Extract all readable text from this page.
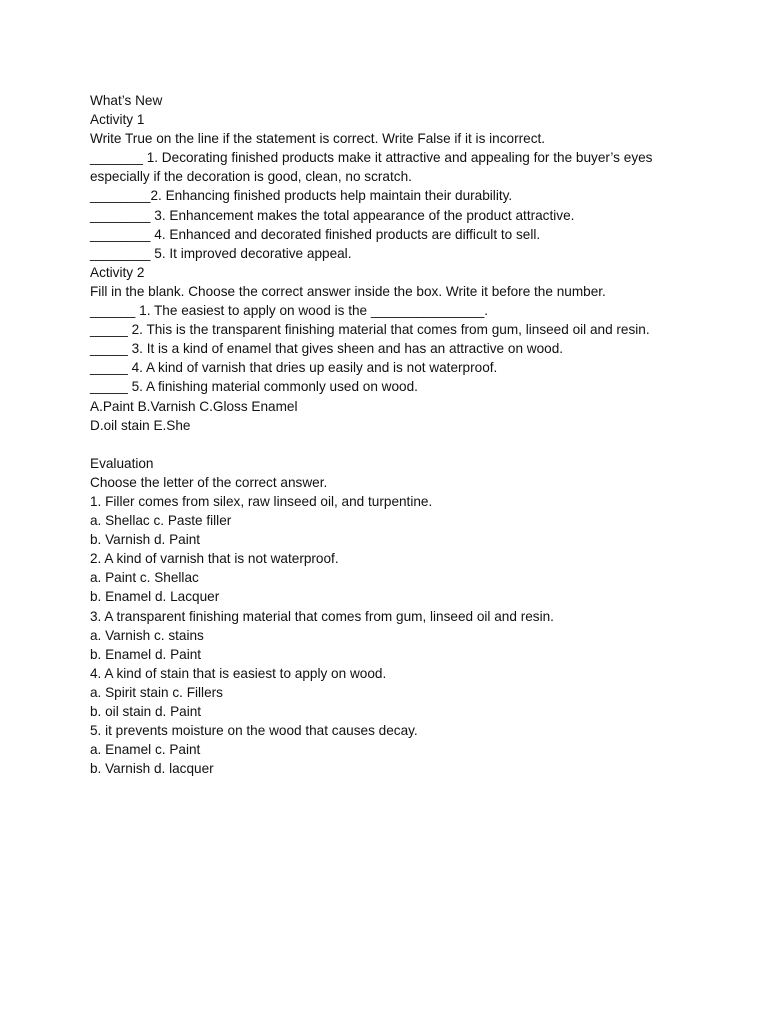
What’s New

Activity 1

Write True on the line if the statement is correct. Write False if it is incorrect.

_______ 1. Decorating finished products make it attractive and appealing for the buyer’s eyes

especially if the decoration is good, clean, no scratch.

________2. Enhancing finished products help maintain their durability.

________ 3. Enhancement makes the total appearance of the product attractive.

________ 4. Enhanced and decorated finished products are difficult to sell.

________ 5. It improved decorative appeal.

Activity 2

Fill in the blank. Choose the correct answer inside the box. Write it before the number.

______ 1. The easiest to apply on wood is the _______________.

_____ 2. This is the transparent finishing material that comes from gum, linseed oil and resin.

_____ 3. It is a kind of enamel that gives sheen and has an attractive on wood.

_____ 4. A kind of varnish that dries up easily and is not waterproof.

_____ 5. A finishing material commonly used on wood.

A.Paint B.Varnish C.Gloss Enamel

D.oil stain E.She

Evaluation

Choose the letter of the correct answer.

1. Filler comes from silex, raw linseed oil, and turpentine.

a. Shellac c. Paste filler

b. Varnish d. Paint

2. A kind of varnish that is not waterproof.

a. Paint c. Shellac

b. Enamel d. Lacquer

3. A transparent finishing material that comes from gum, linseed oil and resin.

a. Varnish c. stains

b. Enamel d. Paint

4. A kind of stain that is easiest to apply on wood.

a. Spirit stain c. Fillers

b. oil stain d. Paint

5. it prevents moisture on the wood that causes decay.

a. Enamel c. Paint

b. Varnish d. lacquer
